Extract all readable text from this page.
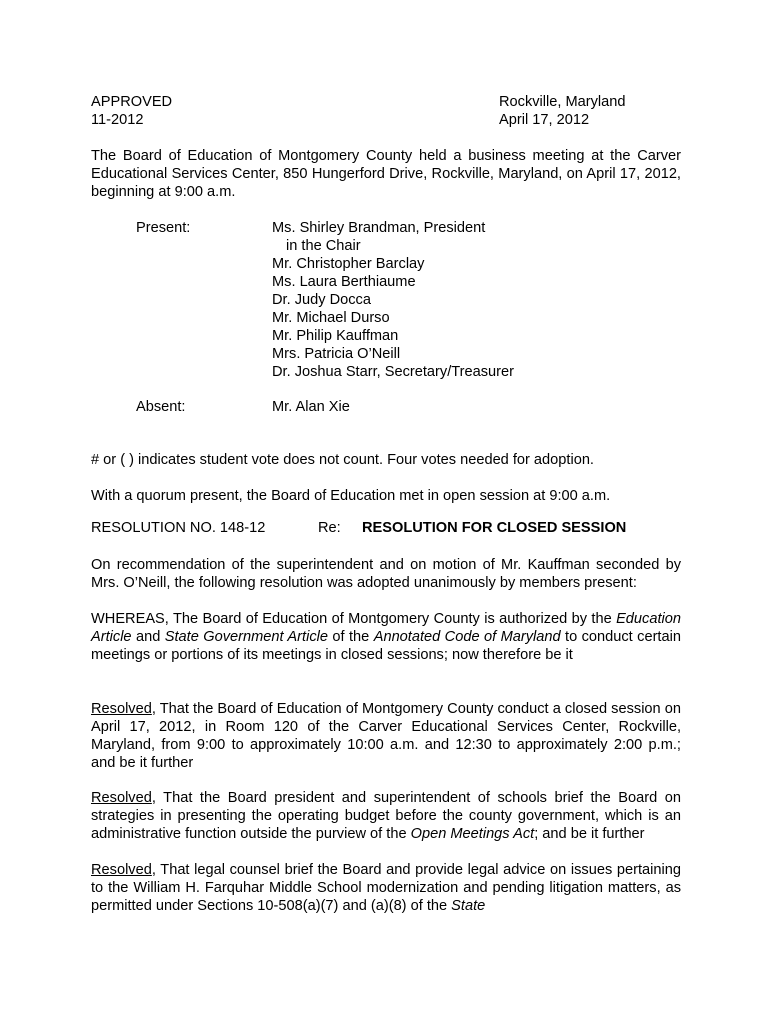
APPROVED
11-2012
Rockville, Maryland
April 17, 2012

The Board of Education of Montgomery County held a business meeting at the Carver Educational Services Center, 850 Hungerford Drive, Rockville, Maryland, on April 17, 2012, beginning at 9:00 a.m.

Present:	Ms. Shirley Brandman, President
in the Chair
Mr. Christopher Barclay
Ms. Laura Berthiaume
Dr. Judy Docca
Mr. Michael Durso
Mr. Philip Kauffman
Mrs. Patricia O’Neill
Dr. Joshua Starr, Secretary/Treasurer
Absent:	Mr. Alan Xie

# or ( ) indicates student vote does not count. Four votes needed for adoption.

With a quorum present, the Board of Education met in open session at 9:00 a.m.

RESOLUTION NO. 148-12	Re: RESOLUTION FOR CLOSED SESSION

On recommendation of the superintendent and on motion of Mr. Kauffman seconded by Mrs. O’Neill, the following resolution was adopted unanimously by members present:

WHEREAS, The Board of Education of Montgomery County is authorized by the Education Article and State Government Article of the Annotated Code of Maryland to conduct certain meetings or portions of its meetings in closed sessions; now therefore be it

Resolved, That the Board of Education of Montgomery County conduct a closed session on April 17, 2012, in Room 120 of the Carver Educational Services Center, Rockville, Maryland, from 9:00 to approximately 10:00 a.m. and 12:30 to approximately 2:00 p.m.; and be it further

Resolved, That the Board president and superintendent of schools brief the Board on strategies in presenting the operating budget before the county government, which is an administrative function outside the purview of the Open Meetings Act; and be it further

Resolved, That legal counsel brief the Board and provide legal advice on issues pertaining to the William H. Farquhar Middle School modernization and pending litigation matters, as permitted under Sections 10-508(a)(7) and (a)(8) of the State
